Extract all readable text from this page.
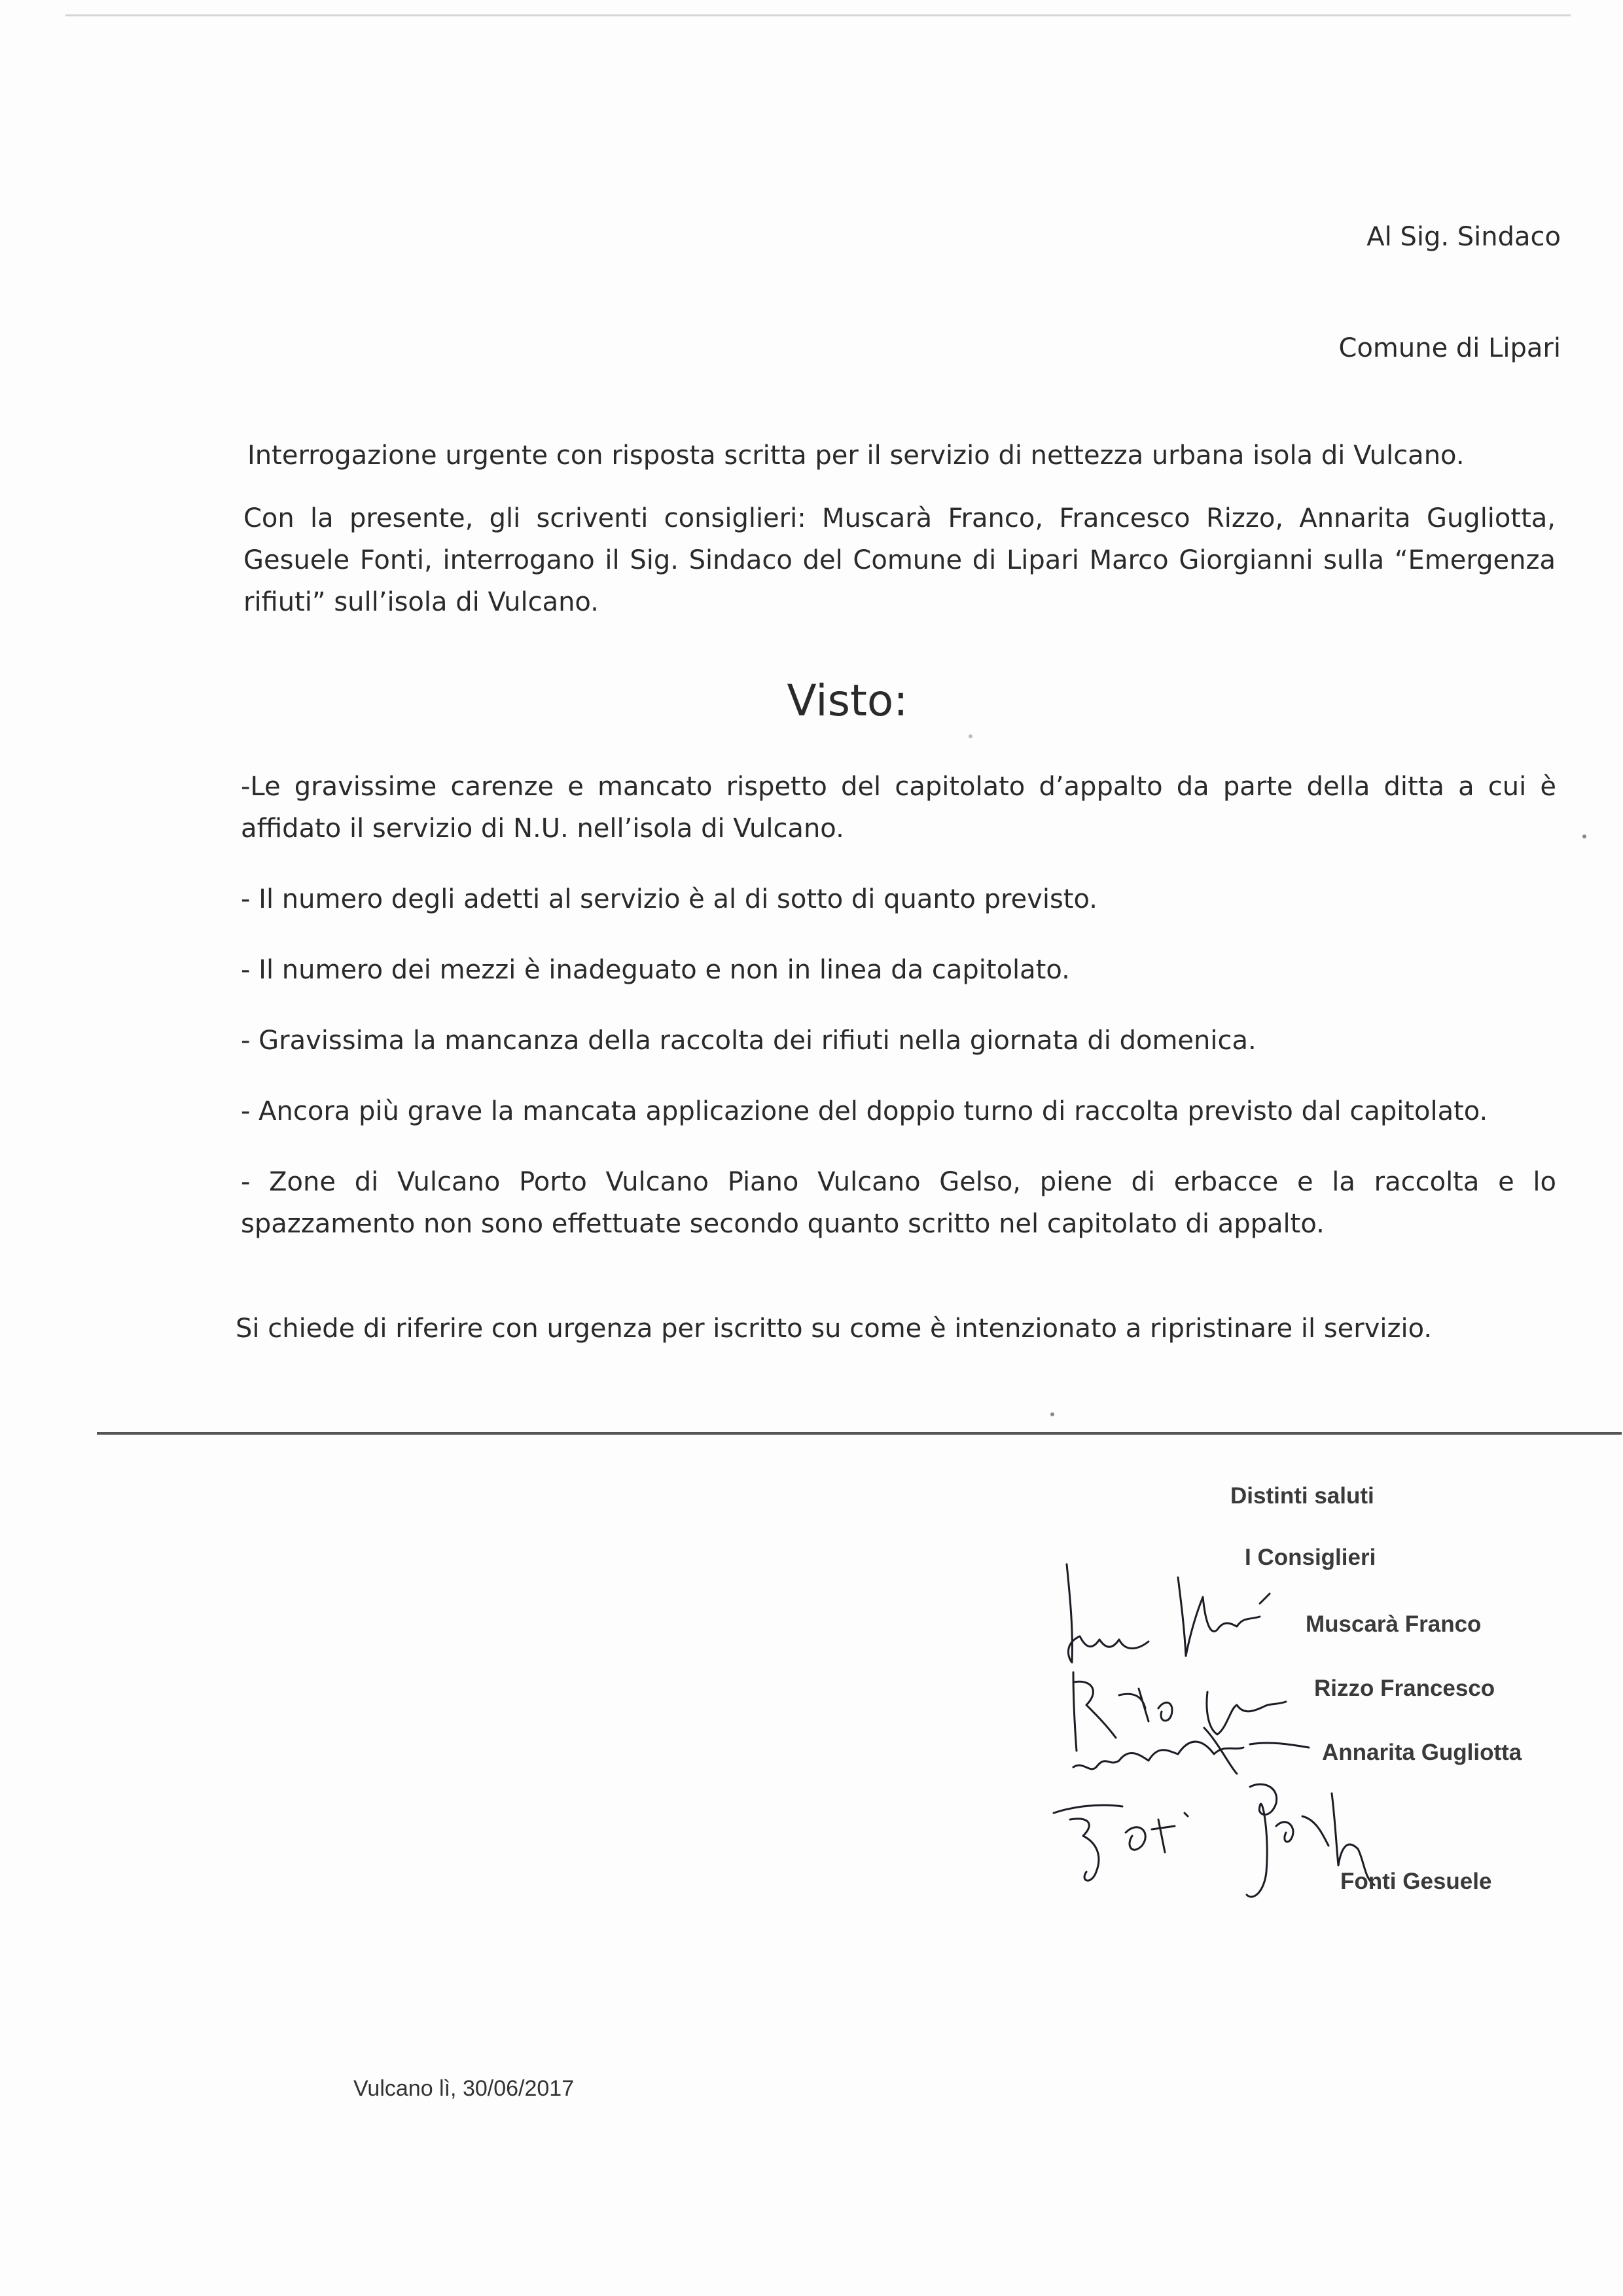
Al Sig. Sindaco
Comune di Lipari
Interrogazione urgente con risposta scritta per il servizio di nettezza urbana isola di Vulcano.
Con la presente, gli scriventi consiglieri: Muscarà Franco, Francesco Rizzo, Annarita Gugliotta, Gesuele Fonti, interrogano il Sig. Sindaco del Comune di Lipari Marco Giorgianni sulla “Emergenza rifiuti” sull’isola di Vulcano.
Visto:

-Le gravissime carenze e mancato rispetto del capitolato d’appalto da parte della ditta a cui è affidato il servizio di N.U. nell’isola di Vulcano.

- Il numero degli adetti al servizio è al di sotto di quanto previsto.

- Il numero dei mezzi è inadeguato e non in linea da capitolato.

- Gravissima la mancanza della raccolta dei rifiuti nella giornata di domenica.

- Ancora più grave la mancata applicazione del doppio turno di raccolta previsto dal capitolato.

- Zone di Vulcano Porto Vulcano Piano Vulcano Gelso, piene di erbacce e la raccolta e lo spazzamento non sono effettuate secondo quanto scritto nel capitolato di appalto.

Si chiede di riferire con urgenza per iscritto su come è intenzionato a ripristinare il servizio.
Distinti saluti
I Consiglieri
Muscarà Franco
Rizzo Francesco
Annarita Gugliotta
Fonti Gesuele
Vulcano lì, 30/06/2017
